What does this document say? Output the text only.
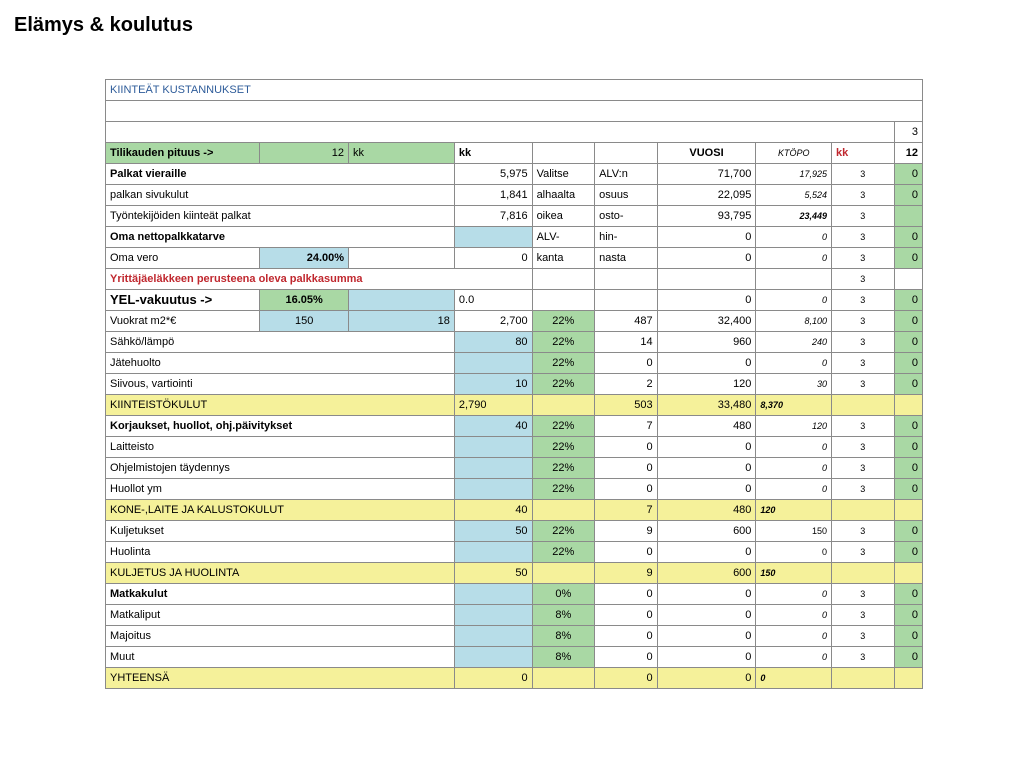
Elämys & koulutus
KIINTEÄT KUSTANNUKSET									

									3
Tilikauden pituus ->	12	kk	kk			VUOSI	KTÖPO	kk	12
Palkat vieraille			5,975	Valitse	ALV:n	71,700	17,925	3	0
palkan sivukulut			1,841	alhaalta	osuus	22,095	5,524	3	0
Työntekijöiden kiinteät palkat			7,816	oikea	osto-	93,795	23,449	3	
Oma nettopalkkatarve				ALV-	hin-	0	0	3	0
Oma vero	24.00%		0	kanta	nasta	0	0	3	0
Yrittäjäeläkkeen perusteena oleva palkkasumma								3	
YEL-vakuutus ->	16.05%		0.0			0	0	3	0
Vuokrat m2*€	150	18	2,700	22%	487	32,400	8,100	3	0
Sähkö/lämpö			80	22%	14	960	240	3	0
Jätehuolto				22%	0	0	0	3	0
Siivous, vartiointi			10	22%	2	120	30	3	0
KIINTEISTÖKULUT			2,790		503	33,480	8,370		
Korjaukset, huollot, ohj.päivitykset			40	22%	7	480	120	3	0
Laitteisto				22%	0	0	0	3	0
Ohjelmistojen täydennys				22%	0	0	0	3	0
Huollot ym				22%	0	0	0	3	0
KONE-,LAITE JA KALUSTOKULUT			40		7	480	120		
Kuljetukset			50	22%	9	600	150	3	0
Huolinta				22%	0	0	0	3	0
KULJETUS JA HUOLINTA			50		9	600	150		
Matkakulut				0%	0	0	0	3	0
Matkaliput				8%	0	0	0	3	0
Majoitus				8%	0	0	0	3	0
Muut				8%	0	0	0	3	0
YHTEENSÄ			0		0	0	0		
